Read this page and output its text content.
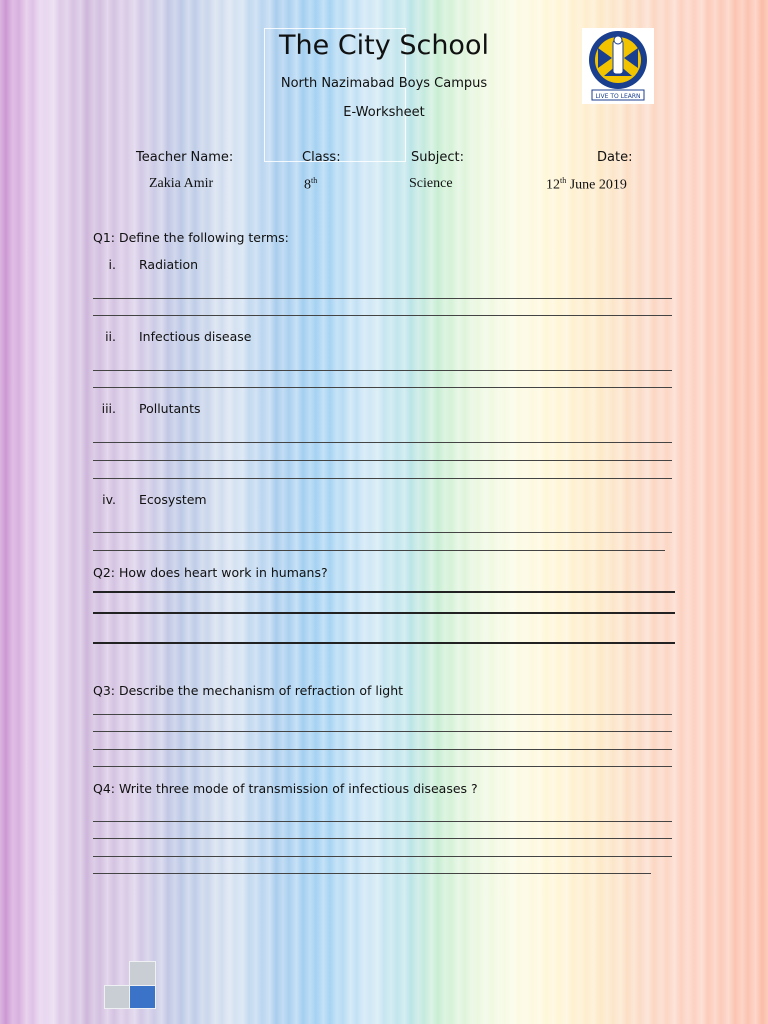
The City School
North Nazimabad Boys Campus
E-Worksheet
LIVE TO LEARN
Teacher Name:	Class:	Subject:	Date:
Zakia Amir	8th	Science	12th June 2019
Q1: Define the following terms:
i. Radiation
ii. Infectious disease
iii. Pollutants
iv. Ecosystem
Q2: How does heart work in humans?
Q3: Describe the mechanism of refraction of light
Q4: Write three mode of transmission of infectious diseases ?
